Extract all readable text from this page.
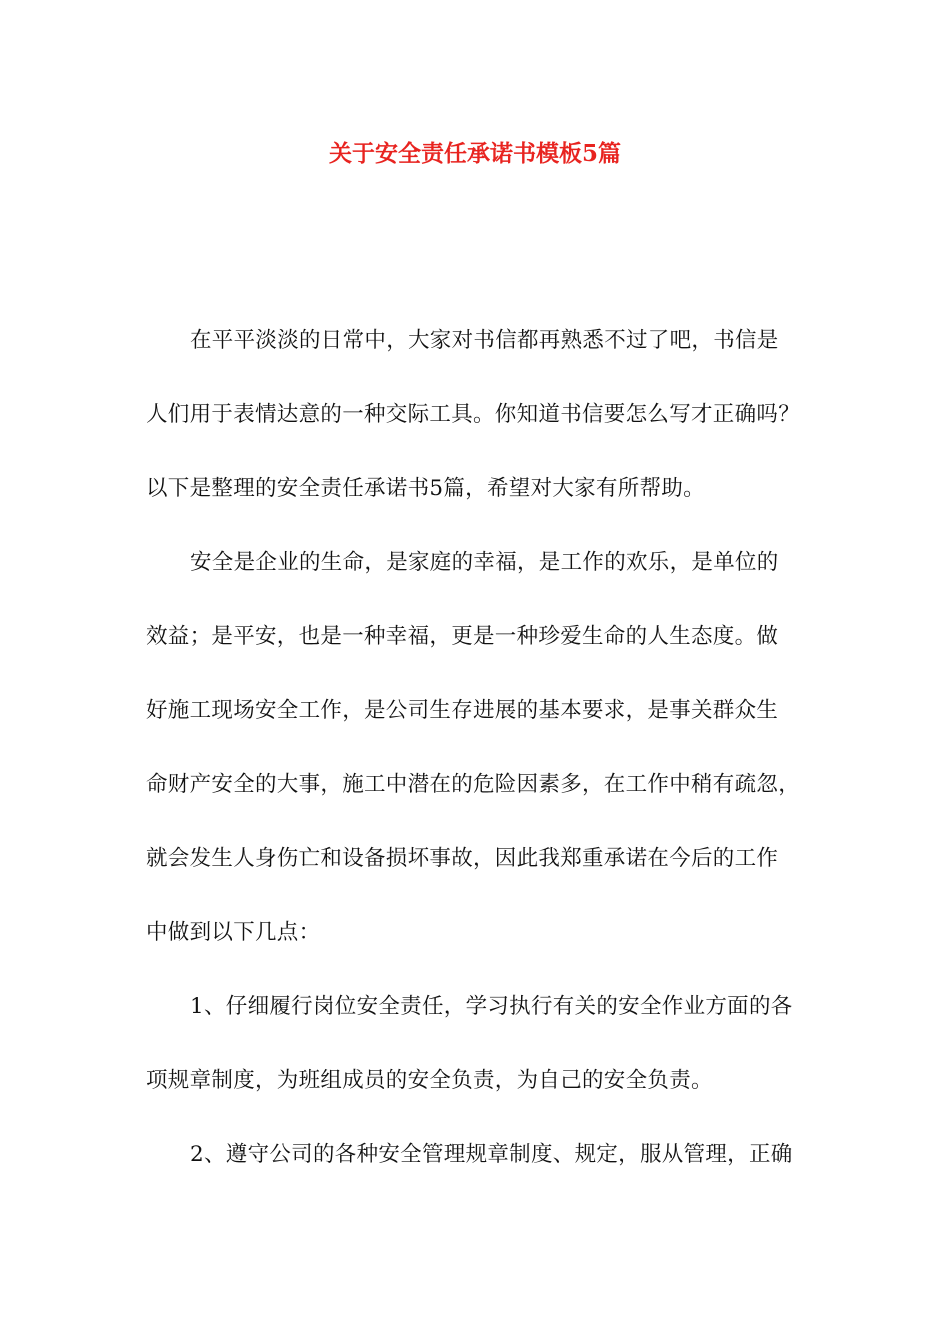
关于安全责任承诺书模板5篇
在平平淡淡的日常中，大家对书信都再熟悉不过了吧，书信是
人们用于表情达意的一种交际工具。你知道书信要怎么写才正确吗？
以下是整理的安全责任承诺书5篇，希望对大家有所帮助。
安全是企业的生命，是家庭的幸福，是工作的欢乐，是单位的
效益；是平安，也是一种幸福，更是一种珍爱生命的人生态度。做
好施工现场安全工作，是公司生存进展的基本要求，是事关群众生
命财产安全的大事，施工中潜在的危险因素多，在工作中稍有疏忽，
就会发生人身伤亡和设备损坏事故，因此我郑重承诺在今后的工作
中做到以下几点：
1、仔细履行岗位安全责任，学习执行有关的安全作业方面的各
项规章制度，为班组成员的安全负责，为自己的安全负责。
2、遵守公司的各种安全管理规章制度、规定，服从管理，正确
